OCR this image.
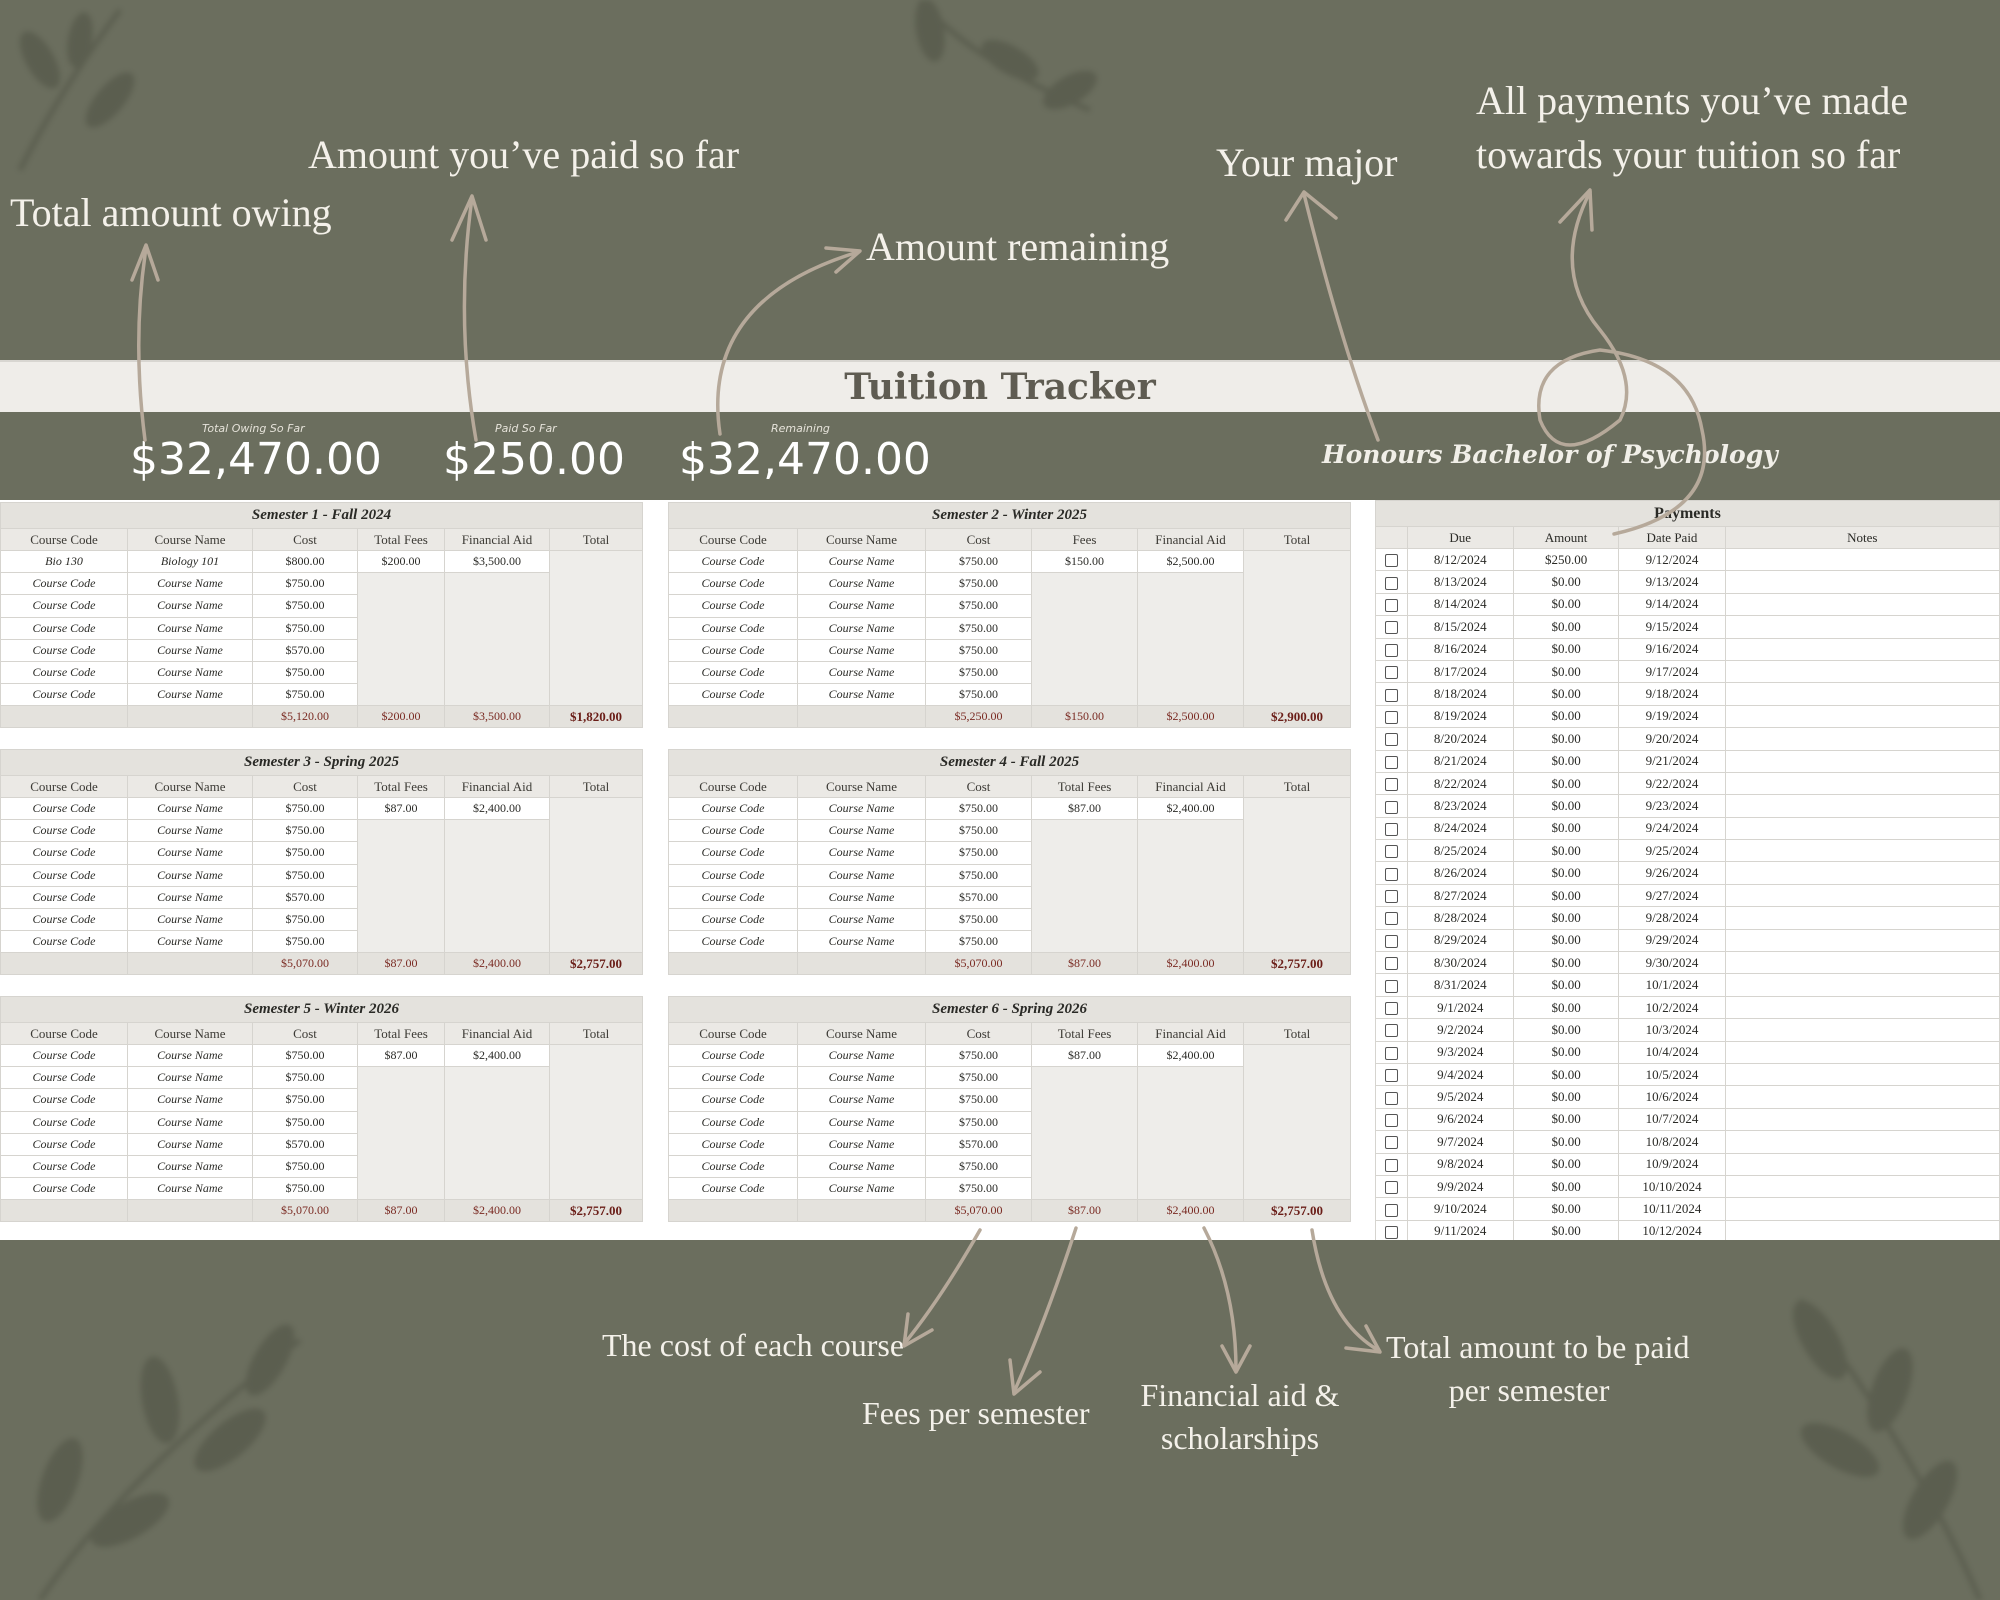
Total amount owing
Amount you’ve paid so far
Amount remaining
Your major
All payments you’ve made
towards your tuition so far
The cost of each course
Fees per semester Financial aid &
scholarships
Total amount to be paid
per semester
Tuition Tracker
Total Owing So Far
$32,470.00
Paid So Far
$250.00
Remaining
$32,470.00	Honours Bachelor of Psychology
Semester 1 - Fall 2024					
Course Code	Course Name	Cost	Total Fees	Financial Aid	Total
Bio 130	Biology 101	$800.00	$200.00	$3,500.00	
Course Code	Course Name	$750.00			
Course Code	Course Name	$750.00			
Course Code	Course Name	$750.00			
Course Code	Course Name	$570.00			
Course Code	Course Name	$750.00			
Course Code	Course Name	$750.00			
		$5,120.00	$200.00	$3,500.00	$1,820.00
Semester 2 - Winter 2025					
Course Code	Course Name	Cost	Fees	Financial Aid	Total
Course Code	Course Name	$750.00	$150.00	$2,500.00	
Course Code	Course Name	$750.00			
Course Code	Course Name	$750.00			
Course Code	Course Name	$750.00			
Course Code	Course Name	$750.00			
Course Code	Course Name	$750.00			
Course Code	Course Name	$750.00			
		$5,250.00	$150.00	$2,500.00	$2,900.00
Semester 3 - Spring 2025					
Course Code	Course Name	Cost	Total Fees	Financial Aid	Total
Course Code	Course Name	$750.00	$87.00	$2,400.00	
Course Code	Course Name	$750.00			
Course Code	Course Name	$750.00			
Course Code	Course Name	$750.00			
Course Code	Course Name	$570.00			
Course Code	Course Name	$750.00			
Course Code	Course Name	$750.00			
		$5,070.00	$87.00	$2,400.00	$2,757.00
Semester 4 - Fall 2025					
Course Code	Course Name	Cost	Total Fees	Financial Aid	Total
Course Code	Course Name	$750.00	$87.00	$2,400.00	
Course Code	Course Name	$750.00			
Course Code	Course Name	$750.00			
Course Code	Course Name	$750.00			
Course Code	Course Name	$570.00			
Course Code	Course Name	$750.00			
Course Code	Course Name	$750.00			
		$5,070.00	$87.00	$2,400.00	$2,757.00
Semester 5 - Winter 2026					
Course Code	Course Name	Cost	Total Fees	Financial Aid	Total
Course Code	Course Name	$750.00	$87.00	$2,400.00	
Course Code	Course Name	$750.00			
Course Code	Course Name	$750.00			
Course Code	Course Name	$750.00			
Course Code	Course Name	$570.00			
Course Code	Course Name	$750.00			
Course Code	Course Name	$750.00			
		$5,070.00	$87.00	$2,400.00	$2,757.00
Semester 6 - Spring 2026					
Course Code	Course Name	Cost	Total Fees	Financial Aid	Total
Course Code	Course Name	$750.00	$87.00	$2,400.00	
Course Code	Course Name	$750.00			
Course Code	Course Name	$750.00			
Course Code	Course Name	$750.00			
Course Code	Course Name	$570.00			
Course Code	Course Name	$750.00			
Course Code	Course Name	$750.00			
		$5,070.00	$87.00	$2,400.00	$2,757.00
Payments				
	Due	Amount	Date Paid	Notes
	8/12/2024	$250.00	9/12/2024	
	8/13/2024	$0.00	9/13/2024	
	8/14/2024	$0.00	9/14/2024	
	8/15/2024	$0.00	9/15/2024	
	8/16/2024	$0.00	9/16/2024	
	8/17/2024	$0.00	9/17/2024	
	8/18/2024	$0.00	9/18/2024	
	8/19/2024	$0.00	9/19/2024	
	8/20/2024	$0.00	9/20/2024	
	8/21/2024	$0.00	9/21/2024	
	8/22/2024	$0.00	9/22/2024	
	8/23/2024	$0.00	9/23/2024	
	8/24/2024	$0.00	9/24/2024	
	8/25/2024	$0.00	9/25/2024	
	8/26/2024	$0.00	9/26/2024	
	8/27/2024	$0.00	9/27/2024	
	8/28/2024	$0.00	9/28/2024	
	8/29/2024	$0.00	9/29/2024	
	8/30/2024	$0.00	9/30/2024	
	8/31/2024	$0.00	10/1/2024	
	9/1/2024	$0.00	10/2/2024	
	9/2/2024	$0.00	10/3/2024	
	9/3/2024	$0.00	10/4/2024	
	9/4/2024	$0.00	10/5/2024	
	9/5/2024	$0.00	10/6/2024	
	9/6/2024	$0.00	10/7/2024	
	9/7/2024	$0.00	10/8/2024	
	9/8/2024	$0.00	10/9/2024	
	9/9/2024	$0.00	10/10/2024	
	9/10/2024	$0.00	10/11/2024	
	9/11/2024	$0.00	10/12/2024	
